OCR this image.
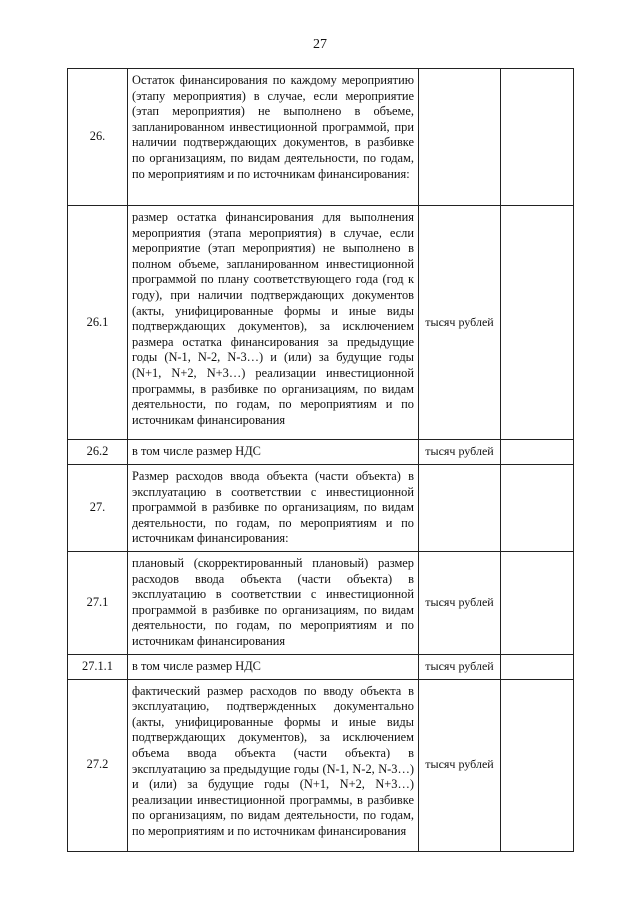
27
26.	Остаток финансирования по каждому мероприятию (этапу мероприятия) в случае, если мероприятие (этап мероприятия) не выполнено в объеме, запланированном инвестиционной программой, при наличии подтверждающих документов, в разбивке по организациям, по видам деятельности, по годам, по мероприятиям и по источникам финансирования:		
26.1	размер остатка финансирования для выполнения мероприятия (этапа мероприятия) в случае, если мероприятие (этап мероприятия) не выполнено в полном объеме, запланированном инвестиционной программой по плану соответствующего года (год к году), при наличии подтверждающих документов (акты, унифицированные формы и иные виды подтверждающих документов), за исключением размера остатка финансирования за предыдущие годы (N-1, N-2, N-3…) и (или) за будущие годы (N+1, N+2, N+3…) реализации инвестиционной программы, в разбивке по организациям, по видам деятельности, по годам, по мероприятиям и по источникам финансирования	тысяч рублей	
26.2	в том числе размер НДС	тысяч рублей	
27.	Размер расходов ввода объекта (части объекта) в эксплуатацию в соответствии с инвестиционной программой в разбивке по организациям, по видам деятельности, по годам, по мероприятиям и по источникам финансирования:		
27.1	плановый (скорректированный плановый) размер расходов ввода объекта (части объекта) в эксплуатацию в соответствии с инвестиционной программой в разбивке по организациям, по видам деятельности, по годам, по мероприятиям и по источникам финансирования	тысяч рублей	
27.1.1	в том числе размер НДС	тысяч рублей	
27.2	фактический размер расходов по вводу объекта в эксплуатацию, подтвержденных документально (акты, унифицированные формы и иные виды подтверждающих документов), за исключением объема ввода объекта (части объекта) в эксплуатацию за предыдущие годы (N-1, N-2, N-3…) и (или) за будущие годы (N+1, N+2, N+3…) реализации инвестиционной программы, в разбивке по организациям, по видам деятельности, по годам, по мероприятиям и по источникам финансирования	тысяч рублей	
